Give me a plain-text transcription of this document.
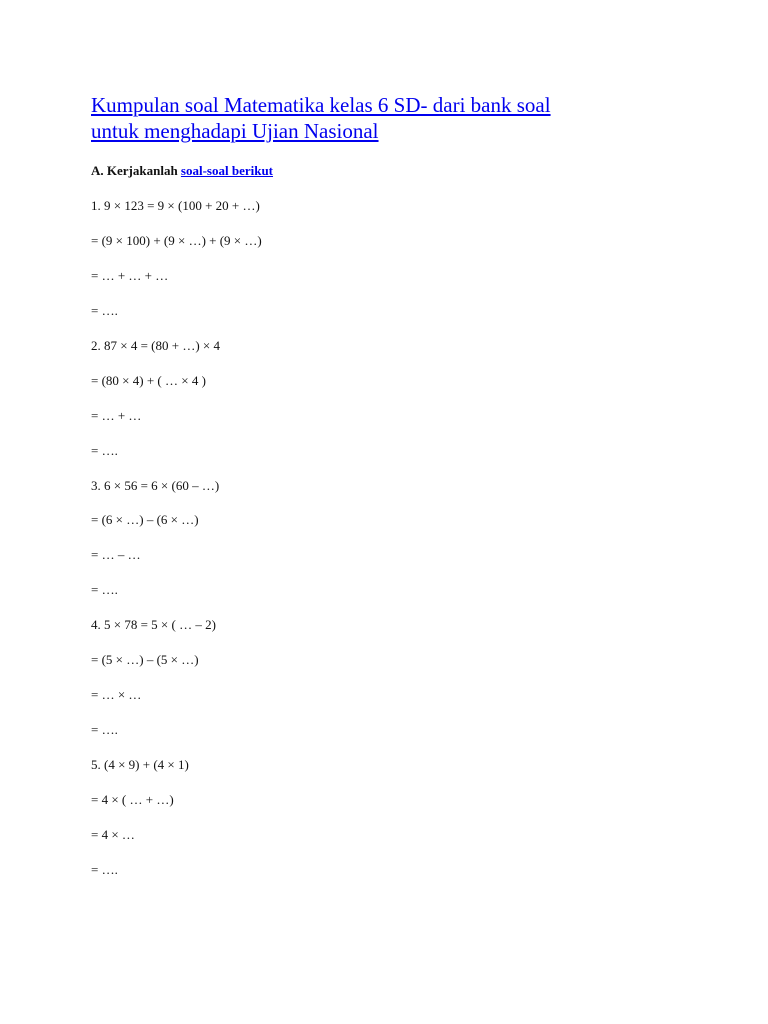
Kumpulan soal Matematika kelas 6 SD- dari bank soal
untuk menghadapi Ujian Nasional
A. Kerjakanlah soal-soal berikut
1. 9 × 123 = 9 × (100 + 20 + …)
= (9 × 100) + (9 × …) + (9 × …)
= … + … + …
= ….
2. 87 × 4 = (80 + …) × 4
= (80 × 4) + ( … × 4 )
= … + …
= ….
3. 6 × 56 = 6 × (60 – …)
= (6 × …) – (6 × …)
= … – …
= ….
4. 5 × 78 = 5 × ( … – 2)
= (5 × …) – (5 × …)
= … × …
= ….
5. (4 × 9) + (4 × 1)
= 4 × ( … + …)
= 4 × …
= ….
